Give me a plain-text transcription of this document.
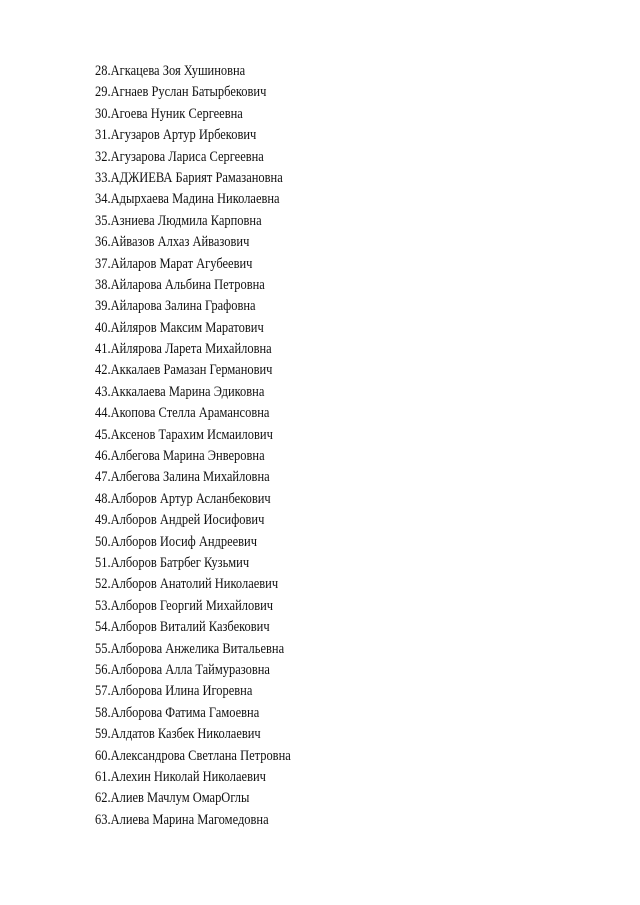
28.Агкацева Зоя Хушиновна
29.Агнаев Руслан Батырбекович
30.Агоева Нуник Сергеевна
31.Агузаров Артур Ирбекович
32.Агузарова Лариса Сергеевна
33.АДЖИЕВА Барият Рамазановна
34.Адырхаева Мадина Николаевна
35.Азниева Людмила Карповна
36.Айвазов Алхаз Айвазович
37.Айларов Марат Агубеевич
38.Айларова Альбина Петровна
39.Айларова Залина Графовна
40.Айляров Максим Маратович
41.Айлярова Ларета Михайловна
42.Аккалаев Рамазан Германович
43.Аккалаева Марина Эдиковна
44.Акопова Стелла Арамансовна
45.Аксенов Тарахим Исмаилович
46.Албегова Марина Энверовна
47.Албегова Залина Михайловна
48.Алборов Артур Асланбекович
49.Алборов Андрей Иосифович
50.Алборов Иосиф Андреевич
51.Алборов Батрбег Кузьмич
52.Алборов Анатолий Николаевич
53.Алборов Георгий Михайлович
54.Алборов Виталий Казбекович
55.Алборова Анжелика Витальевна
56.Алборова Алла Таймуразовна
57.Алборова Илина Игоревна
58.Алборова Фатима Гамоевна
59.Алдатов Казбек Николаевич
60.Александрова Светлана Петровна
61.Алехин Николай Николаевич
62.Алиев Мачлум ОмарОглы
63.Алиева Марина Магомедовна
